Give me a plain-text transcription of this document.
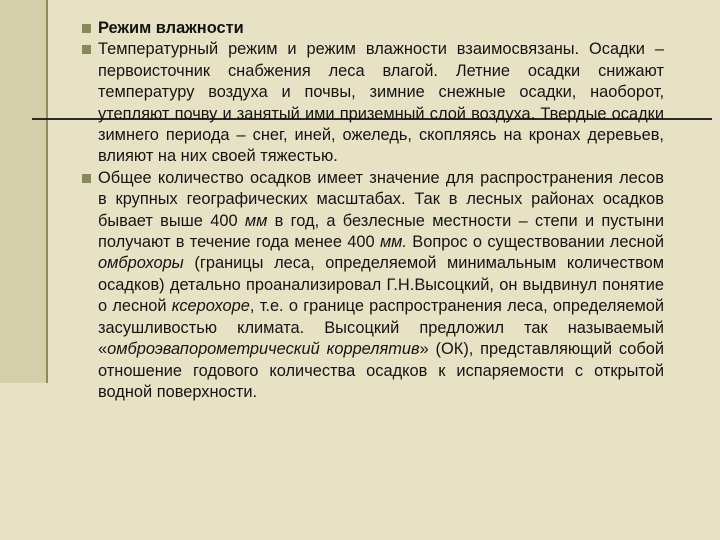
Режим влажности
Температурный режим и режим влажности взаимосвязаны. Осадки – первоисточник снабжения леса влагой. Летние осадки снижают температуру воздуха и почвы, зимние снежные осадки, наоборот, утепляют почву и занятый ими приземный слой воздуха. Твердые осадки зимнего периода – снег, иней, ожеледь, скопляясь на кронах деревьев, влияют на них своей тяжестью.
Общее количество осадков имеет значение для распространения лесов в крупных географических масштабах. Так в лесных районах осадков бывает выше 400 мм в год, а безлесные местности – степи и пустыни получают в течение года менее 400 мм. Вопрос о существовании лесной омброхоры (границы леса, определяемой минимальным количеством осадков) детально проанализировал Г.Н.Высоцкий, он выдвинул понятие о лесной ксерохоре, т.е. о границе распространения леса, определяемой засушливостью климата. Высоцкий предложил так называемый «омброэвапорометрический коррелятив» (ОК), представляющий собой отношение годового количества осадков к испаряемости с открытой водной поверхности.
